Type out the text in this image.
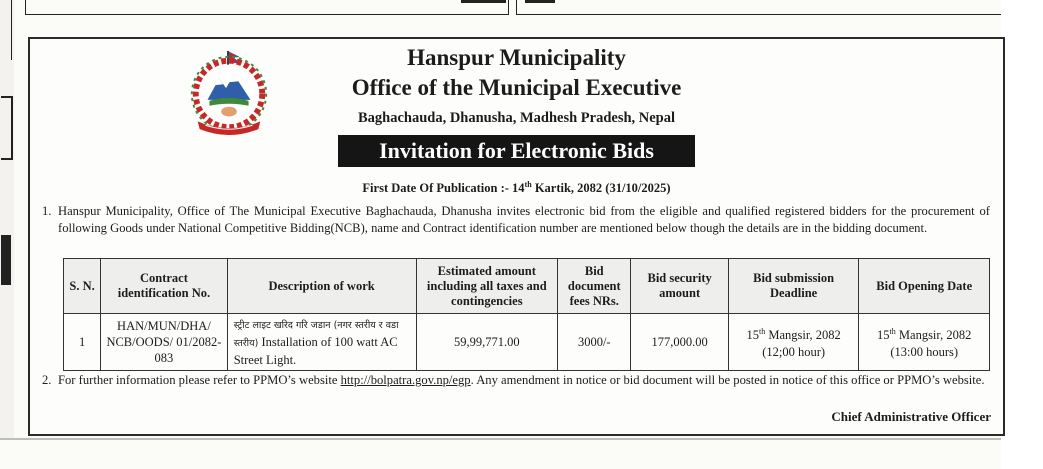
Hanspur Municipality
Office of the Municipal Executive
Baghachauda, Dhanusha, Madhesh Pradesh, Nepal
Invitation for Electronic Bids
First Date Of Publication :- 14th Kartik, 2082 (31/10/2025)
1. Hanspur Municipality, Office of The Municipal Executive Baghachauda, Dhanusha invites electronic bid from the eligible and qualified registered bidders for the procurement of following Goods under National Competitive Bidding(NCB), name and Contract identification number are mentioned below though the details are in the bidding document.
S. N.	Contract identification No.	Description of work	Estimated amount including all taxes and contingencies	Bid document fees NRs.	Bid security amount	Bid submission Deadline	Bid Opening Date
1	HAN/MUN/DHA/ NCB/OODS/ 01/2082-083	स्ट्रीट लाइट खरिद गरि जडान (नगर स्तरीय र वडा स्तरीय) Installation of 100 watt AC Street Light.	59,99,771.00	3000/-	177,000.00	15th Mangsir, 2082 (12;00 hour)	15th Mangsir, 2082 (13:00 hours)
2. For further information please refer to PPMO’s website http://bolpatra.gov.np/egp. Any amendment in notice or bid document will be posted in notice of this office or PPMO’s website.
Chief Administrative Officer
